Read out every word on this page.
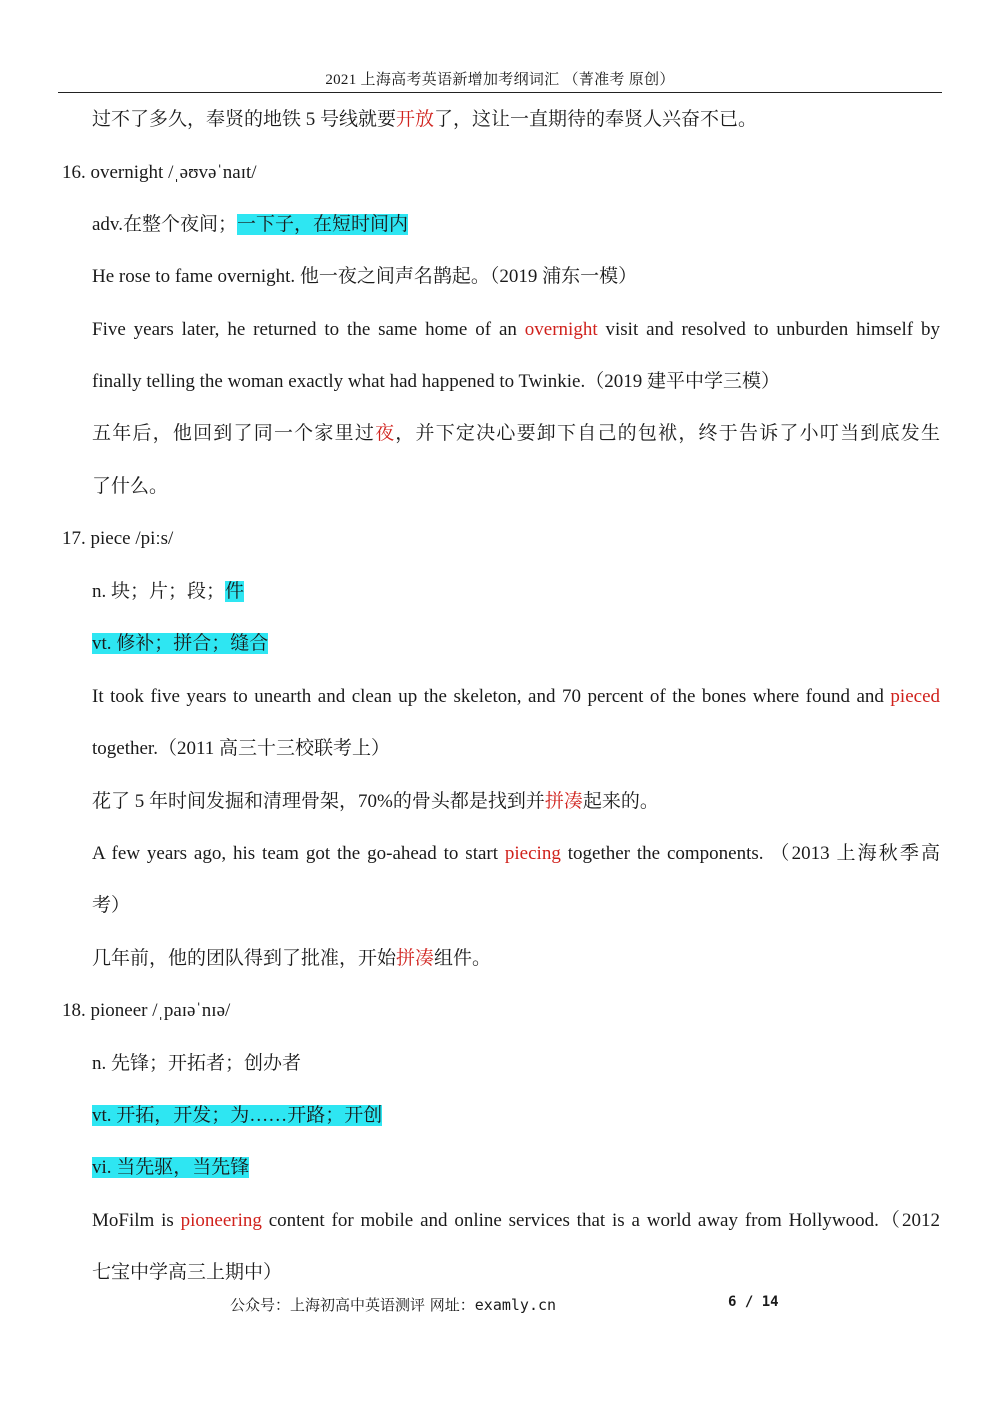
2021 上海高考英语新增加考纲词汇 （菁准考 原创）
过不了多久，奉贤的地铁 5 号线就要开放了，这让一直期待的奉贤人兴奋不已。
16. overnight /ˌəʊvəˈnaɪt/
adv.在整个夜间；一下子，在短时间内
He rose to fame overnight. 他一夜之间声名鹊起。（2019 浦东一模）
Five years later, he returned to the same home of an overnight visit and resolved to unburden himself by
finally telling the woman exactly what had happened to Twinkie.（2019 建平中学三模）
五年后，他回到了同一个家里过夜，并下定决心要卸下自己的包袱，终于告诉了小叮当到底发生
了什么。
17. piece /piːs/
n. 块；片；段；件
vt. 修补；拼合；缝合
It took five years to unearth and clean up the skeleton, and 70 percent of the bones where found and pieced
together.（2011 高三十三校联考上）
花了 5 年时间发掘和清理骨架，70%的骨头都是找到并拼凑起来的。
A few years ago, his team got the go-ahead to start piecing together the components. （2013 上海秋季高
考）
几年前，他的团队得到了批准，开始拼凑组件。
18. pioneer /ˌpaɪəˈnɪə/
n. 先锋；开拓者；创办者
vt. 开拓，开发；为……开路；开创
vi. 当先驱，当先锋
MoFilm is pioneering content for mobile and online services that is a world away from Hollywood.（2012
七宝中学高三上期中）
公众号：上海初高中英语测评 网址：examly.cn	6 / 14
